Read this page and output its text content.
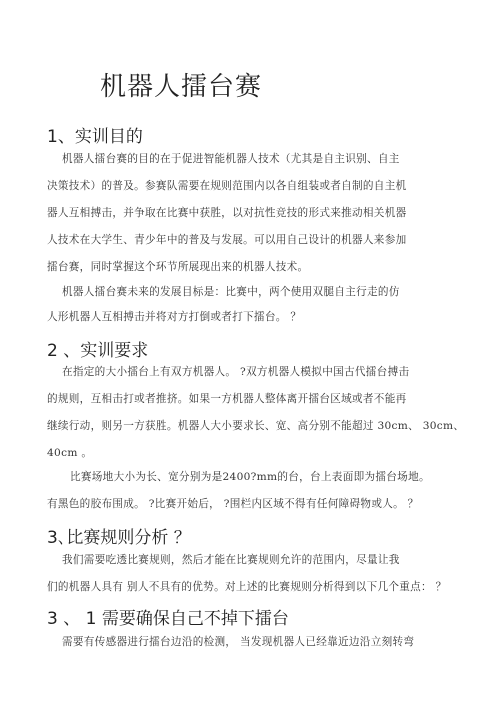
机器人擂台赛
1、实训目的
机器人擂台赛的目的在于促进智能机器人技术（尤其是自主识别、自主
决策技术）的普及。参赛队需要在规则范围内以各自组装或者自制的自主机
器人互相搏击，并争取在比赛中获胜，以对抗性竞技的形式来推动相关机器
人技术在大学生、青少年中的普及与发展。可以用自己设计的机器人来参加
擂台赛，同时掌握这个环节所展现出来的机器人技术。
机器人擂台赛未来的发展目标是：比赛中，两个使用双腿自主行走的仿
人形机器人互相搏击并将对方打倒或者打下擂台。 ？
2 、实训要求
在指定的大小擂台上有双方机器人。 ?双方机器人模拟中国古代擂台搏击
的规则，互相击打或者推挤。如果一方机器人整体离开擂台区域或者不能再
继续行动，则另一方获胜。机器人大小要求长、宽、高分别不能超过 30cm、 30cm、
40cm 。
比赛场地大小为长、宽分别为是2400?mm的台，台上表面即为擂台场地。
有黑色的胶布围成。 ?比赛开始后， ?围栏内区域不得有任何障碍物或人。 ？
3､比赛规则分析 ？
我们需要吃透比赛规则，然后才能在比赛规则允许的范围内，尽量让我
们的机器人具有 别人不具有的优势。对上述的比赛规则分析得到以下几个重点： ？
3 、 1 需要确保自己不掉下擂台
需要有传感器进行擂台边沿的检测， 当发现机器人已经靠近边沿立刻转弯
